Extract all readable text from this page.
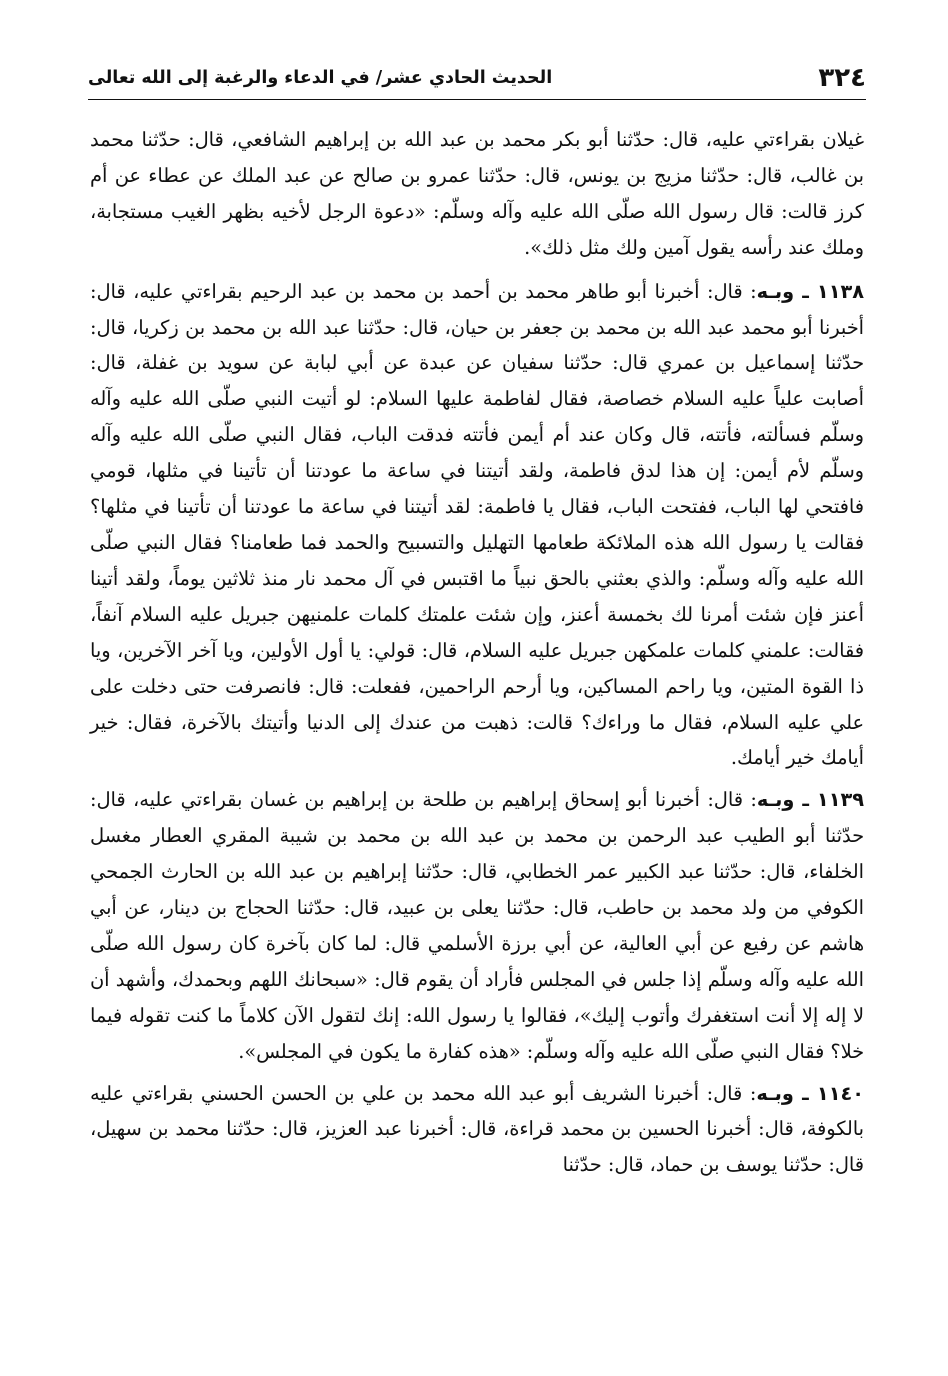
٣٢٤
الحديث الحادي عشر/ في الدعاء والرغبة إلى الله تعالى

غيلان بقراءتي عليه، قال: حدّثنا أبو بكر محمد بن عبد الله بن إبراهيم الشافعي، قال: حدّثنا محمد بن غالب، قال: حدّثنا مزيج بن يونس، قال: حدّثنا عمرو بن صالح عن عبد الملك عن عطاء عن أم كرز قالت: قال رسول الله صلّى الله عليه وآله وسلّم: «دعوة الرجل لأخيه بظهر الغيب مستجابة، وملك عند رأسه يقول آمين ولك مثل ذلك».

١١٣٨ ـ وبـه: قال: أخبرنا أبو طاهر محمد بن أحمد بن محمد بن عبد الرحيم بقراءتي عليه، قال: أخبرنا أبو محمد عبد الله بن محمد بن جعفر بن حيان، قال: حدّثنا عبد الله بن محمد بن زكريا، قال: حدّثنا إسماعيل بن عمري قال: حدّثنا سفيان عن عبدة عن أبي لبابة عن سويد بن غفلة، قال: أصابت علياً عليه السلام خصاصة، فقال لفاطمة عليها السلام: لو أتيت النبي صلّى الله عليه وآله وسلّم فسألته، فأتته، قال وكان عند أم أيمن فأتته فدقت الباب، فقال النبي صلّى الله عليه وآله وسلّم لأم أيمن: إن هذا لدق فاطمة، ولقد أتيتنا في ساعة ما عودتنا أن تأتينا في مثلها، قومي فافتحي لها الباب، ففتحت الباب، فقال يا فاطمة: لقد أتيتنا في ساعة ما عودتنا أن تأتينا في مثلها؟ فقالت يا رسول الله هذه الملائكة طعامها التهليل والتسبيح والحمد فما طعامنا؟ فقال النبي صلّى الله عليه وآله وسلّم: والذي بعثني بالحق نبياً ما اقتبس في آل محمد نار منذ ثلاثين يوماً، ولقد أتينا أعنز فإن شئت أمرنا لك بخمسة أعنز، وإن شئت علمتك كلمات علمنيهن جبريل عليه السلام آنفاً، فقالت: علمني كلمات علمكهن جبريل عليه السلام، قال: قولي: يا أول الأولين، ويا آخر الآخرين، ويا ذا القوة المتين، ويا راحم المساكين، ويا أرحم الراحمين، ففعلت: قال: فانصرفت حتى دخلت على علي عليه السلام، فقال ما وراءك؟ قالت: ذهبت من عندك إلى الدنيا وأتيتك بالآخرة، فقال: خير أيامك خير أيامك.

١١٣٩ ـ وبـه: قال: أخبرنا أبو إسحاق إبراهيم بن طلحة بن إبراهيم بن غسان بقراءتي عليه، قال: حدّثنا أبو الطيب عبد الرحمن بن محمد بن عبد الله بن محمد بن شيبة المقري العطار مغسل الخلفاء، قال: حدّثنا عبد الكبير عمر الخطابي، قال: حدّثنا إبراهيم بن عبد الله بن الحارث الجمحي الكوفي من ولد محمد بن حاطب، قال: حدّثنا يعلى بن عبيد، قال: حدّثنا الحجاج بن دينار، عن أبي هاشم عن رفيع عن أبي العالية، عن أبي برزة الأسلمي قال: لما كان بآخرة كان رسول الله صلّى الله عليه وآله وسلّم إذا جلس في المجلس فأراد أن يقوم قال: «سبحانك اللهم وبحمدك، وأشهد أن لا إله إلا أنت استغفرك وأتوب إليك»، فقالوا يا رسول الله: إنك لتقول الآن كلاماً ما كنت تقوله فيما خلا؟ فقال النبي صلّى الله عليه وآله وسلّم: «هذه كفارة ما يكون في المجلس».

١١٤٠ ـ وبـه: قال: أخبرنا الشريف أبو عبد الله محمد بن علي بن الحسن الحسني بقراءتي عليه بالكوفة، قال: أخبرنا الحسين بن محمد قراءة، قال: أخبرنا عبد العزيز، قال: حدّثنا محمد بن سهيل، قال: حدّثنا يوسف بن حماد، قال: حدّثنا
